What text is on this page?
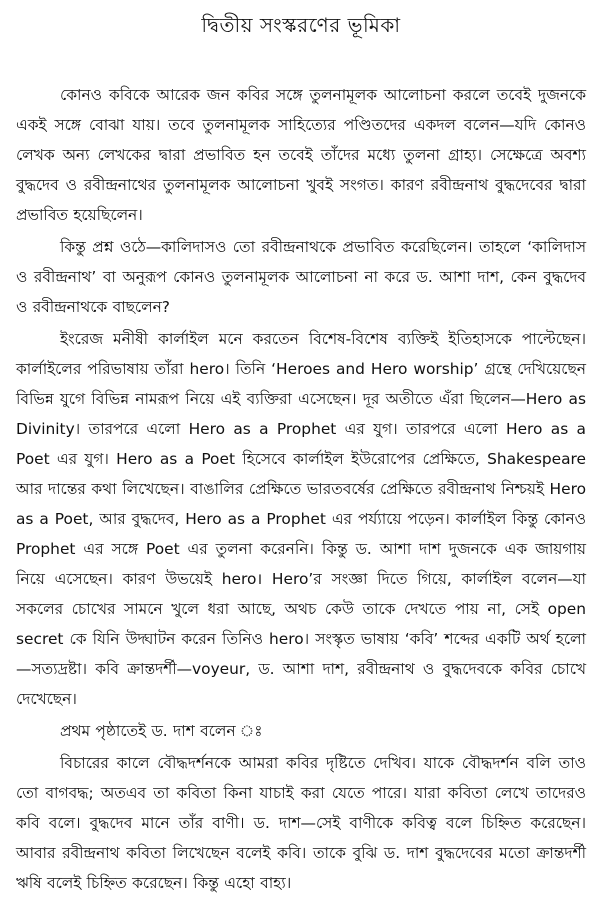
দ্বিতীয় সংস্করণের ভূমিকা

কোনও কবিকে আরেক জন কবির সঙ্গে তুলনামূলক আলোচনা করলে তবেই দুজনকে একই সঙ্গে বোঝা যায়। তবে তুলনামূলক সাহিত্যের পণ্ডিতদের একদল বলেন—যদি কোনও লেখক অন্য লেখকের দ্বারা প্রভাবিত হন তবেই তাঁদের মধ্যে তুলনা গ্রাহ্য। সেক্ষেত্রে অবশ্য বুদ্ধদেব ও রবীন্দ্রনাথের তুলনামূলক আলোচনা খুবই সংগত। কারণ রবীন্দ্রনাথ বুদ্ধদেবের দ্বারা প্রভাবিত হয়েছিলেন।

কিন্তু প্রশ্ন ওঠে—কালিদাসও তো রবীন্দ্রনাথকে প্রভাবিত করেছিলেন। তাহলে ‘কালিদাস ও রবীন্দ্রনাথ’ বা অনুরূপ কোনও তুলনামূলক আলোচনা না করে ড. আশা দাশ, কেন বুদ্ধদেব ও রবীন্দ্রনাথকে বাছলেন?

ইংরেজ মনীষী কার্লাইল মনে করতেন বিশেষ-বিশেষ ব্যক্তিই ইতিহাসকে পাল্টেছেন। কার্লাইলের পরিভাষায় তাঁরা hero। তিনি ‘Heroes and Hero worship’ গ্রন্থে দেখিয়েছেন বিভিন্ন যুগে বিভিন্ন নামরূপ নিয়ে এই ব্যক্তিরা এসেছেন। দূর অতীতে এঁরা ছিলেন—Hero as Divinity। তারপরে এলো Hero as a Prophet এর যুগ। তারপরে এলো Hero as a Poet এর যুগ। Hero as a Poet হিসেবে কার্লাইল ইউরোপের প্রেক্ষিতে, Shakespeare আর দান্তের কথা লিখেছেন। বাঙালির প্রেক্ষিতে ভারতবর্ষের প্রেক্ষিতে রবীন্দ্রনাথ নিশ্চয়ই Hero as a Poet, আর বুদ্ধদেব, Hero as a Prophet এর পর্য্যায়ে পড়েন। কার্লাইল কিন্তু কোনও Prophet এর সঙ্গে Poet এর তুলনা করেননি। কিন্তু ড. আশা দাশ দুজনকে এক জায়গায় নিয়ে এসেছেন। কারণ উভয়েই hero। Hero’র সংজ্ঞা দিতে গিয়ে, কার্লাইল বলেন—যা সকলের চোখের সামনে খুলে ধরা আছে, অথচ কেউ তাকে দেখতে পায় না, সেই open secret কে যিনি উদ্ঘাটন করেন তিনিও hero। সংস্কৃত ভাষায় ‘কবি’ শব্দের একটি অর্থ হলো—সত্যদ্রষ্টা। কবি ক্রান্তদর্শী—voyeur, ড. আশা দাশ, রবীন্দ্রনাথ ও বুদ্ধদেবকে কবির চোখে দেখেছেন।

প্রথম পৃষ্ঠাতেই ড. দাশ বলেন ঃ

বিচারের কালে বৌদ্ধদর্শনকে আমরা কবির দৃষ্টিতে দেখিব। যাকে বৌদ্ধদর্শন বলি তাও তো বাগবদ্ধ; অতএব তা কবিতা কিনা যাচাই করা যেতে পারে। যারা কবিতা লেখে তাদেরও কবি বলে। বুদ্ধদেব মানে তাঁর বাণী। ড. দাশ—সেই বাণীকে কবিত্ব বলে চিহ্নিত করেছেন। আবার রবীন্দ্রনাথ কবিতা লিখেছেন বলেই কবি। তাকে বুঝি ড. দাশ বুদ্ধদেবের মতো ক্রান্তদর্শী ঋষি বলেই চিহ্নিত করেছেন। কিন্তু এহো বাহ্য।
